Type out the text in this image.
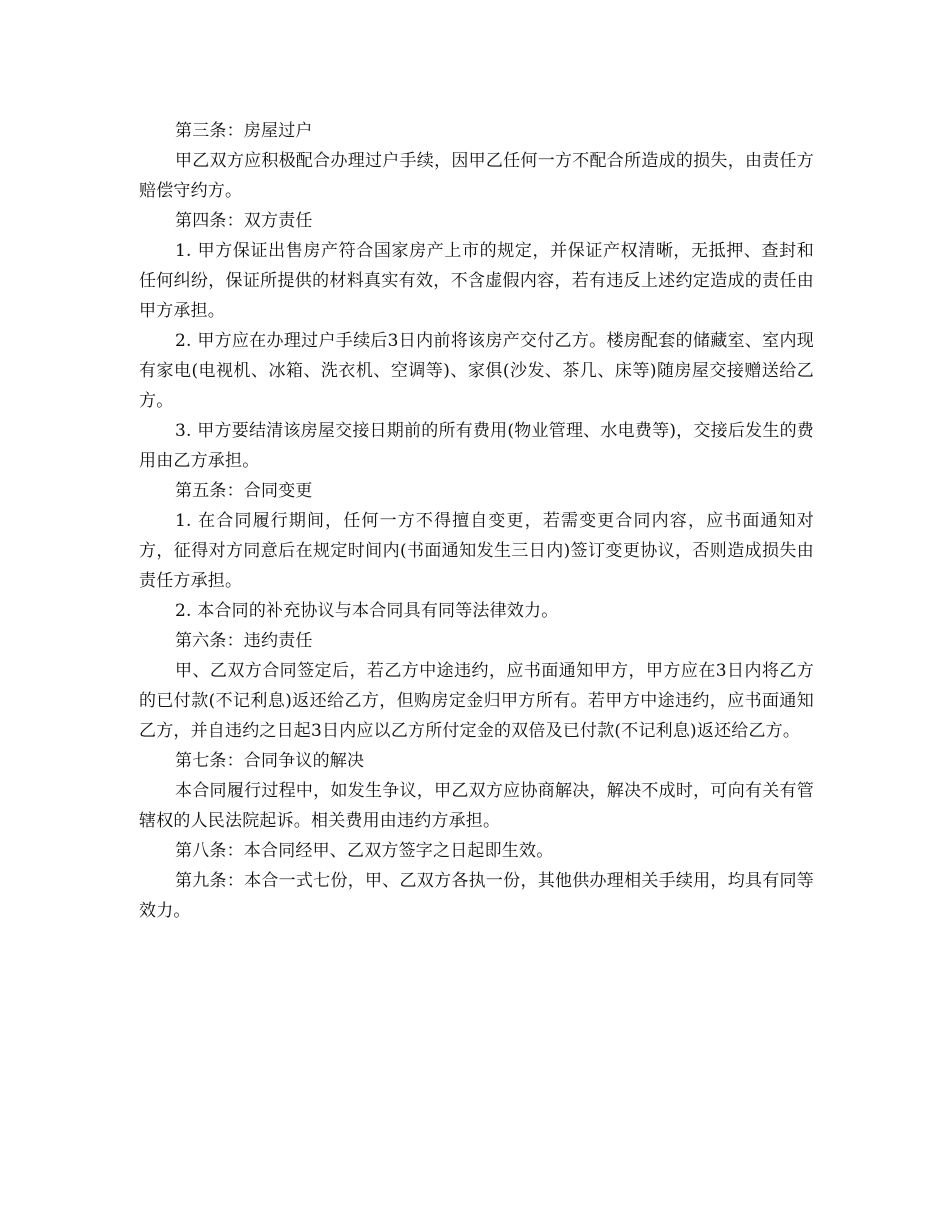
第三条：房屋过户

甲乙双方应积极配合办理过户手续，因甲乙任何一方不配合所造成的损失，由责任方赔偿守约方。

第四条：双方责任

1. 甲方保证出售房产符合国家房产上市的规定，并保证产权清晰，无抵押、查封和任何纠纷，保证所提供的材料真实有效，不含虚假内容，若有违反上述约定造成的责任由甲方承担。

2. 甲方应在办理过户手续后3日内前将该房产交付乙方。楼房配套的储藏室、室内现有家电(电视机、冰箱、洗衣机、空调等)、家俱(沙发、茶几、床等)随房屋交接赠送给乙方。

3. 甲方要结清该房屋交接日期前的所有费用(物业管理、水电费等)，交接后发生的费用由乙方承担。

第五条：合同变更

1. 在合同履行期间，任何一方不得擅自变更，若需变更合同内容，应书面通知对方，征得对方同意后在规定时间内(书面通知发生三日内)签订变更协议，否则造成损失由责任方承担。

2. 本合同的补充协议与本合同具有同等法律效力。

第六条：违约责任

甲、乙双方合同签定后，若乙方中途违约，应书面通知甲方，甲方应在3日内将乙方的已付款(不记利息)返还给乙方，但购房定金归甲方所有。若甲方中途违约，应书面通知乙方，并自违约之日起3日内应以乙方所付定金的双倍及已付款(不记利息)返还给乙方。

第七条：合同争议的解决

本合同履行过程中，如发生争议，甲乙双方应协商解决，解决不成时，可向有关有管辖权的人民法院起诉。相关费用由违约方承担。

第八条：本合同经甲、乙双方签字之日起即生效。

第九条：本合一式七份，甲、乙双方各执一份，其他供办理相关手续用，均具有同等效力。
